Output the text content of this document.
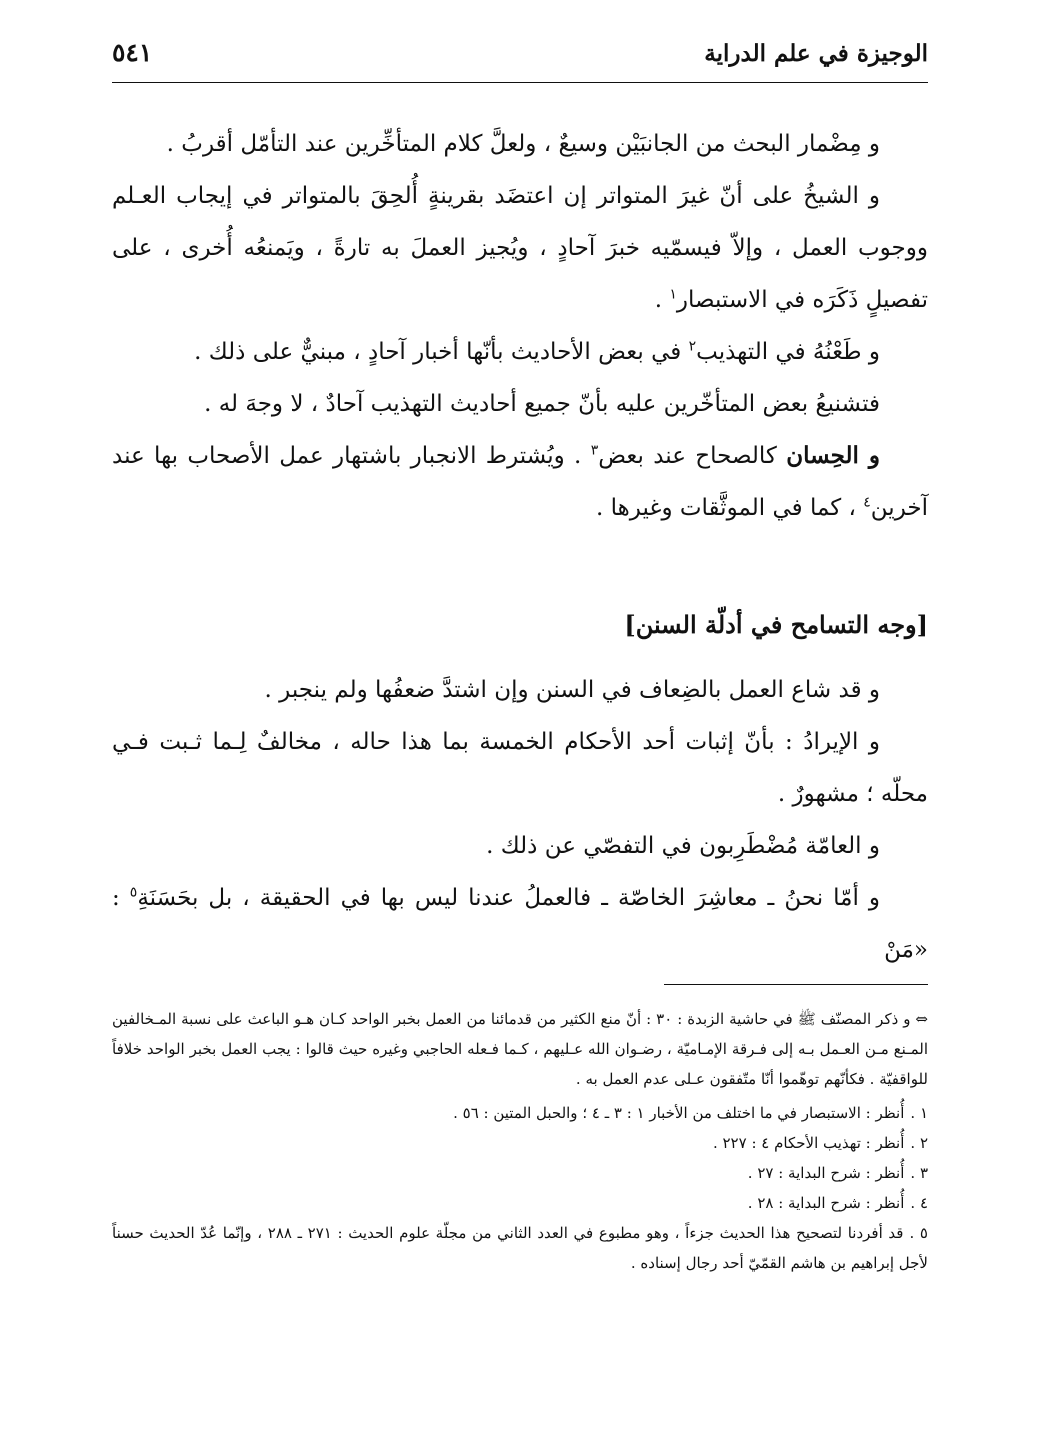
الوجيزة في علم الدراية
٥٤١

و مِضْمار البحث من الجانبَيْن وسيعٌ ، ولعلَّ كلام المتأخِّرين عند التأمّل أقربُ .

و الشيخُ على أنّ غيرَ المتواتر إن اعتضَد بقرينةٍ أُلحِقَ بالمتواتر في إيجاب العـلم ووجوب العمل ، وإلاّ فيسمّيه خبرَ آحادٍ ، ويُجيز العملَ به تارةً ، ويَمنعُه أُخرى ، على تفصيلٍ ذَكَرَه في الاستبصار$^١$ .

و طَعْنُهُ في التهذيب$^٢$ في بعض الأحاديث بأنّها أخبار آحادٍ ، مبنيٌّ على ذلك .

فتشنيعُ بعض المتأخّرين عليه بأنّ جميع أحاديث التهذيب آحادٌ ، لا وجهَ له .

و الحِسان كالصحاح عند بعض$^٣$ . ويُشترط الانجبار باشتهار عمل الأصحاب بها عند آخرين$^٤$ ، كما في الموثَّقات وغيرها .

[وجه التسامح في أدلّة السنن]

و قد شاع العمل بالضِعاف في السنن وإن اشتدَّ ضعفُها ولم ينجبر .

و الإيرادُ : بأنّ إثبات أحد الأحكام الخمسة بما هذا حاله ، مخالفٌ لِـما ثـبت فـي محلّه ؛ مشهورٌ .

و العامّة مُضْطَرِبون في التفصّي عن ذلك .

و أمّا نحنُ ـ معاشِرَ الخاصّة ـ فالعملُ عندنا ليس بها في الحقيقة ، بل بحَسَنَةِ$^٥$ : «مَنْ

⇔ و ذكر المصنّف ﷺ في حاشية الزبدة : ٣٠ : أنّ منع الكثير من قدمائنا من العمل بخبر الواحد كـان هـو الباعث على نسبة المـخالفين المـنع مـن العـمل بـه إلى فـرقة الإمـاميّة ، رضـوان الله عـليهم ، كـما فـعله الحاجبي وغيره حيث قالوا : يجب العمل بخبر الواحد خلافاً للواقفيّة . فكأنّهم توهّموا أنّا متّفقون عـلى عدم العمل به .

١ .أُنظر : الاستبصار في ما اختلف من الأخبار ١ : ٣ ـ ٤ ؛ والحبل المتين : ٥٦ .
٢ .أُنظر : تهذيب الأحكام ٤ : ٢٢٧ .
٣ .أُنظر : شرح البداية : ٢٧ .
٤ .أُنظر : شرح البداية : ٢٨ .
٥ .قد أفردنا لتصحيح هذا الحديث جزءاً ، وهو مطبوع في العدد الثاني من مجلّة علوم الحديث : ٢٧١ ـ ٢٨٨ ، وإنّما عُدّ الحديث حسناً لأجل إبراهيم بن هاشم القمّيّ أحد رجال إسناده .
